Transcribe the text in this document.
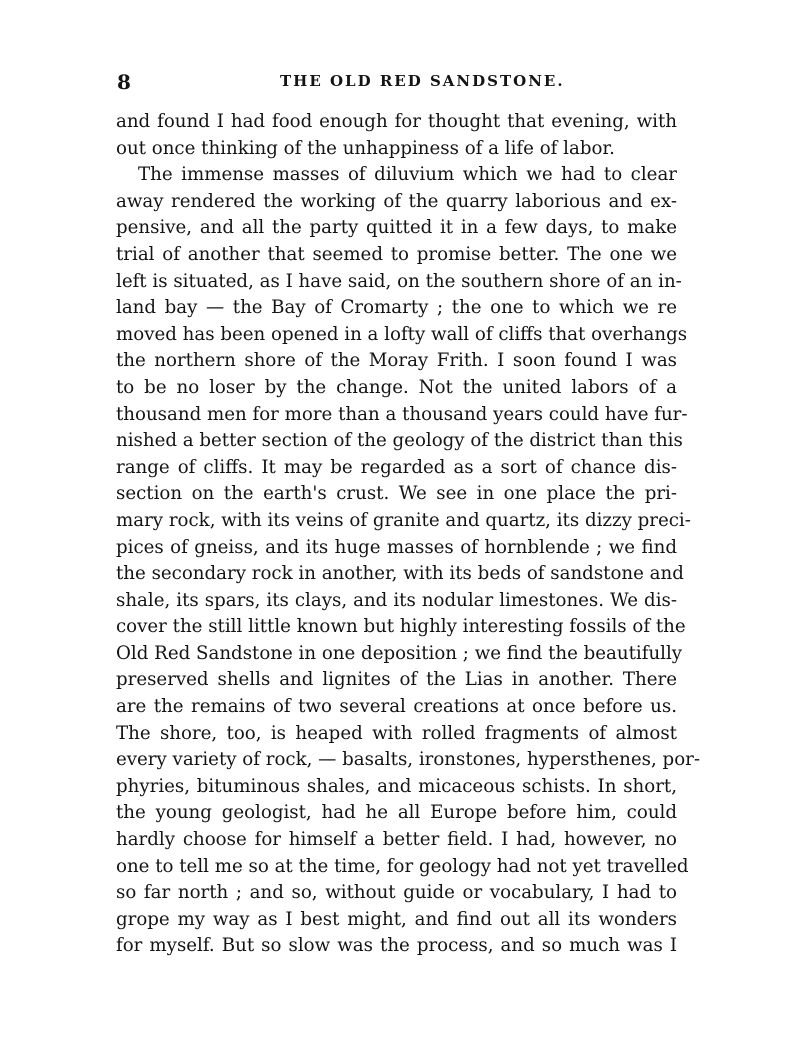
8	THE OLD RED SANDSTONE.
and found I had food enough for thought that evening, with
out once thinking of the unhappiness of a life of labor.
The immense masses of diluvium which we had to clear
away rendered the working of the quarry laborious and ex-
pensive, and all the party quitted it in a few days, to make
trial of another that seemed to promise better. The one we
left is situated, as I have said, on the southern shore of an in-
land bay — the Bay of Cromarty ; the one to which we re
moved has been opened in a lofty wall of cliffs that overhangs
the northern shore of the Moray Frith. I soon found I was
to be no loser by the change. Not the united labors of a
thousand men for more than a thousand years could have fur-
nished a better section of the geology of the district than this
range of cliffs. It may be regarded as a sort of chance dis-
section on the earth's crust. We see in one place the pri-
mary rock, with its veins of granite and quartz, its dizzy preci-
pices of gneiss, and its huge masses of hornblende ; we find
the secondary rock in another, with its beds of sandstone and
shale, its spars, its clays, and its nodular limestones. We dis-
cover the still little known but highly interesting fossils of the
Old Red Sandstone in one deposition ; we find the beautifully
preserved shells and lignites of the Lias in another. There
are the remains of two several creations at once before us.
The shore, too, is heaped with rolled fragments of almost
every variety of rock, — basalts, ironstones, hypersthenes, por-
phyries, bituminous shales, and micaceous schists. In short,
the young geologist, had he all Europe before him, could
hardly choose for himself a better field. I had, however, no
one to tell me so at the time, for geology had not yet travelled
so far north ; and so, without guide or vocabulary, I had to
grope my way as I best might, and find out all its wonders
for myself. But so slow was the process, and so much was I
